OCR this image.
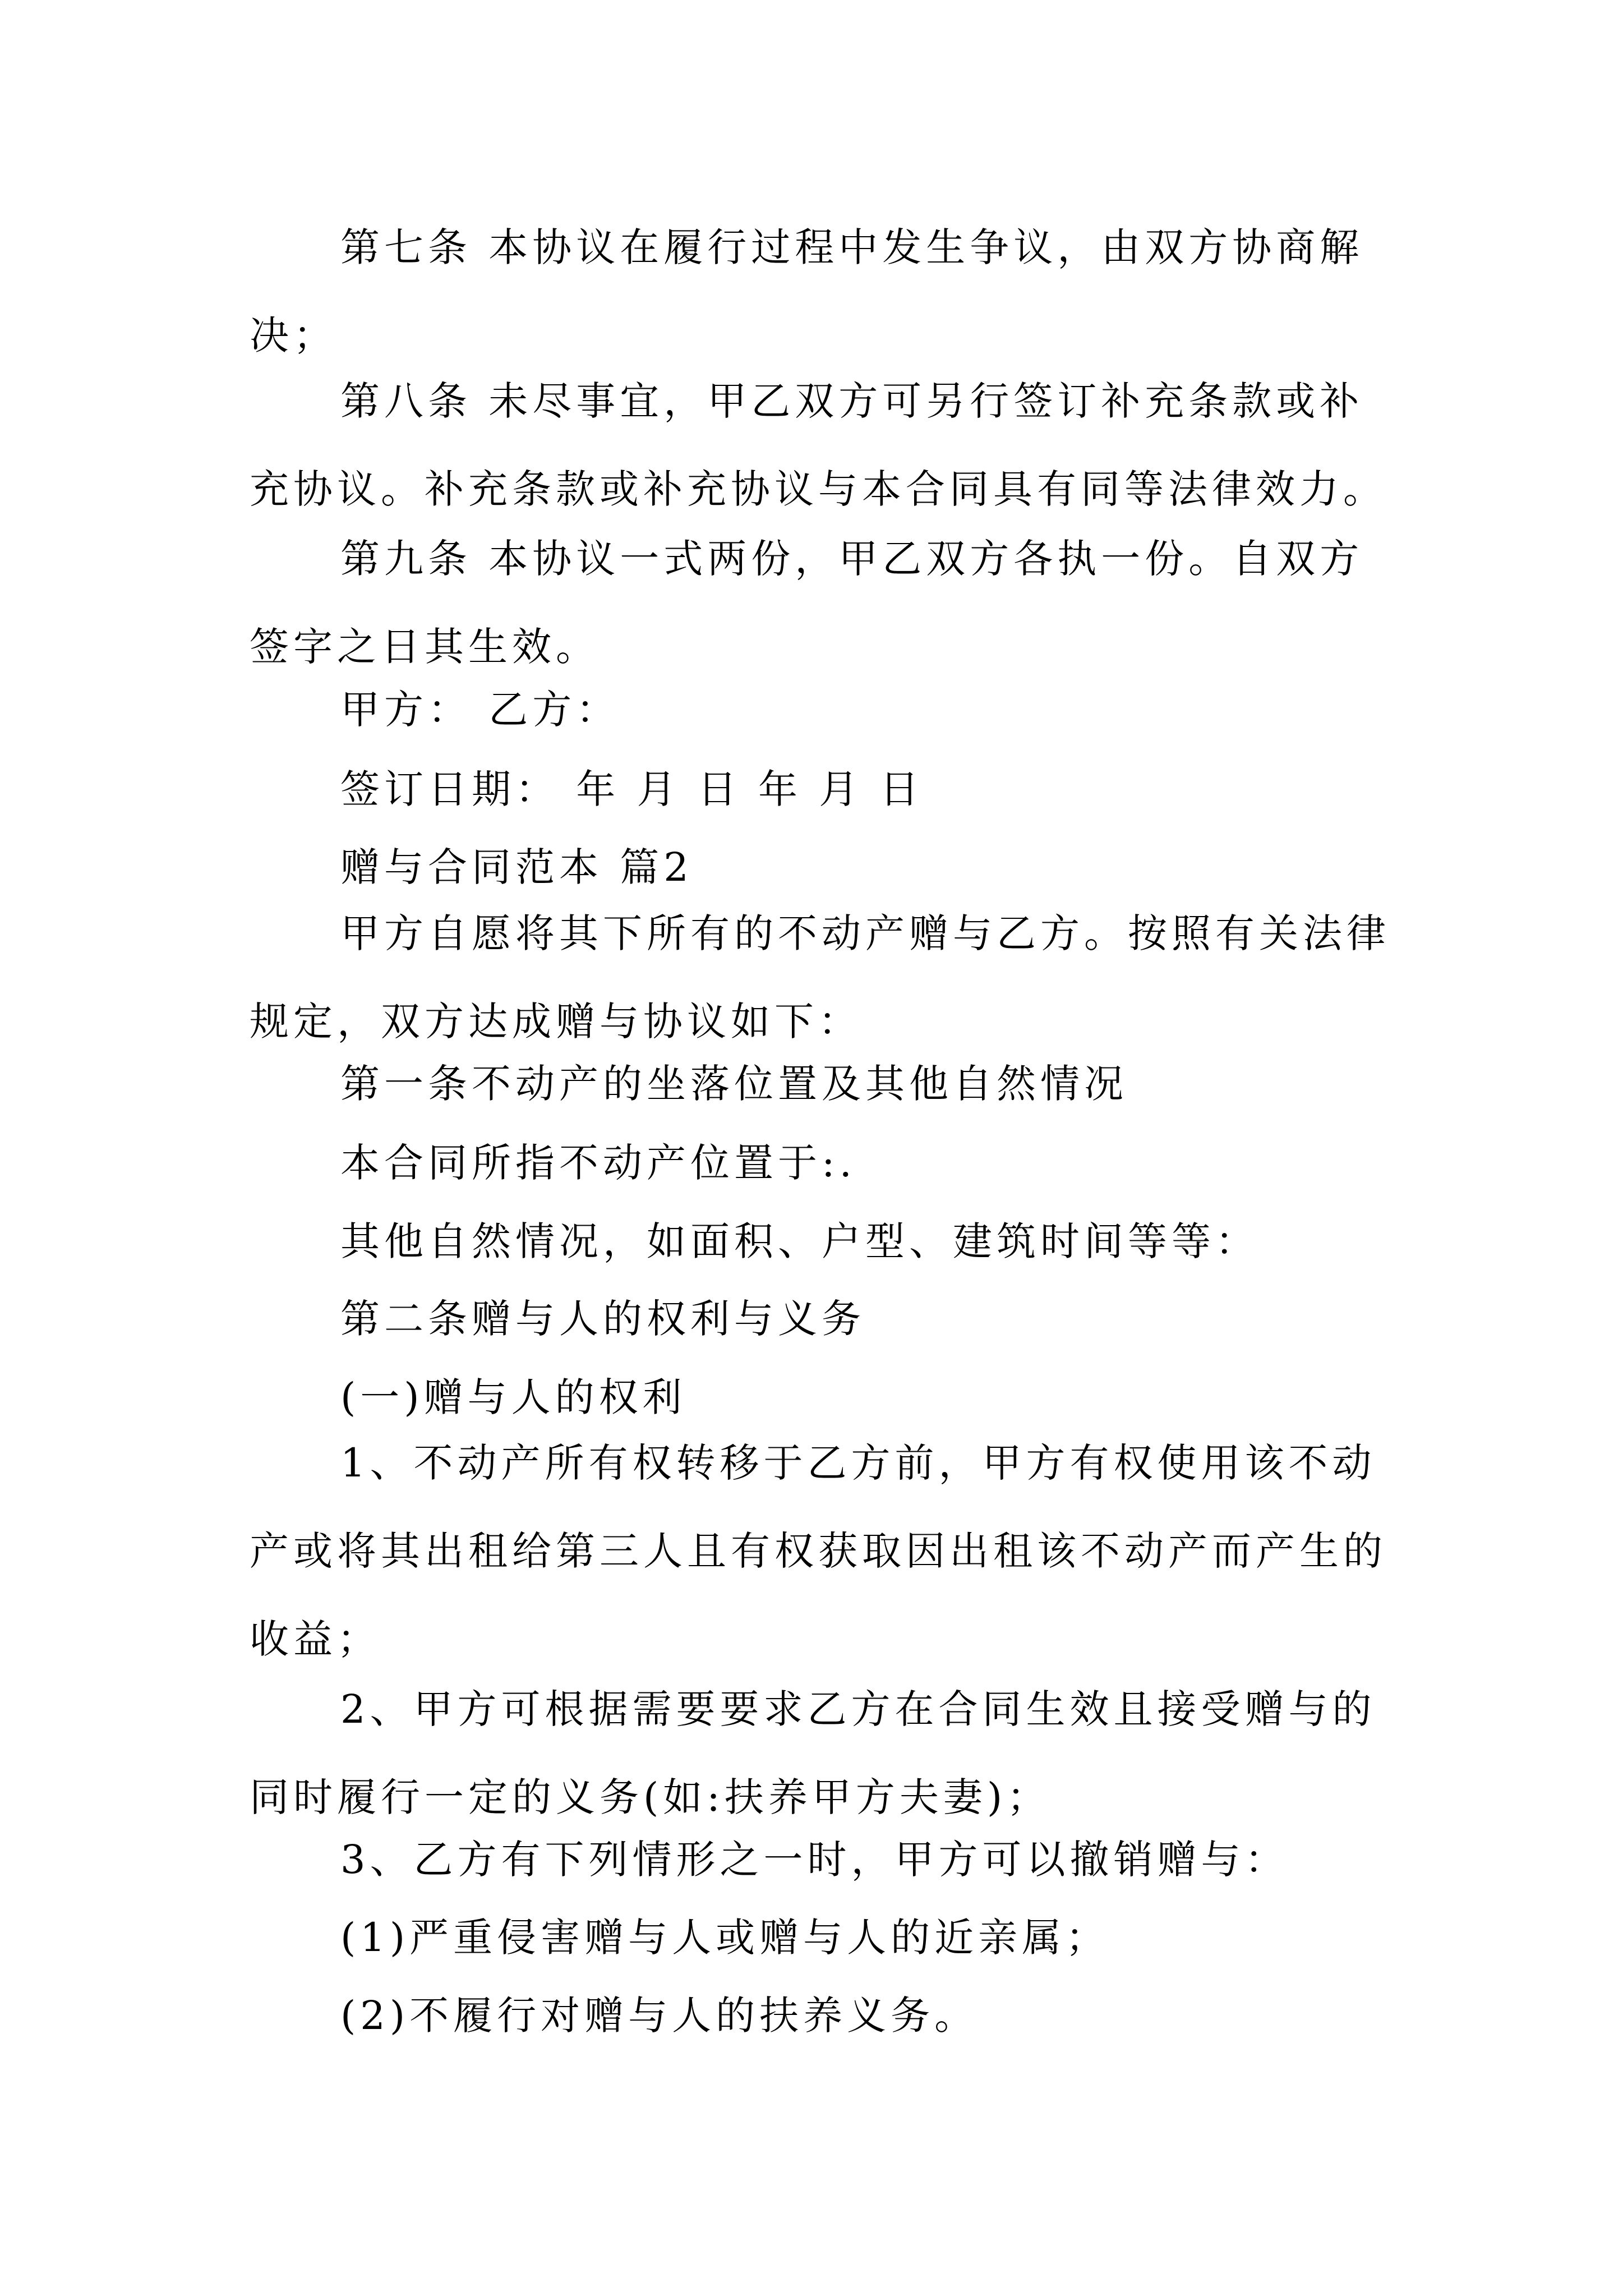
第七条 本协议在履行过程中发生争议，由双方协商解决；

第八条 未尽事宜，甲乙双方可另行签订补充条款或补充协议。补充条款或补充协议与本合同具有同等法律效力。

第九条 本协议一式两份，甲乙双方各执一份。自双方签字之日其生效。

甲方： 乙方：

签订日期： 年 月 日 年 月 日

赠与合同范本 篇2

甲方自愿将其下所有的不动产赠与乙方。按照有关法律规定，双方达成赠与协议如下：

第一条不动产的坐落位置及其他自然情况

本合同所指不动产位置于:.

其他自然情况，如面积、户型、建筑时间等等：

第二条赠与人的权利与义务

(一)赠与人的权利

1、不动产所有权转移于乙方前，甲方有权使用该不动产或将其出租给第三人且有权获取因出租该不动产而产生的收益；

2、甲方可根据需要要求乙方在合同生效且接受赠与的同时履行一定的义务(如:扶养甲方夫妻)；

3、乙方有下列情形之一时，甲方可以撤销赠与：

(1)严重侵害赠与人或赠与人的近亲属；

(2)不履行对赠与人的扶养义务。
